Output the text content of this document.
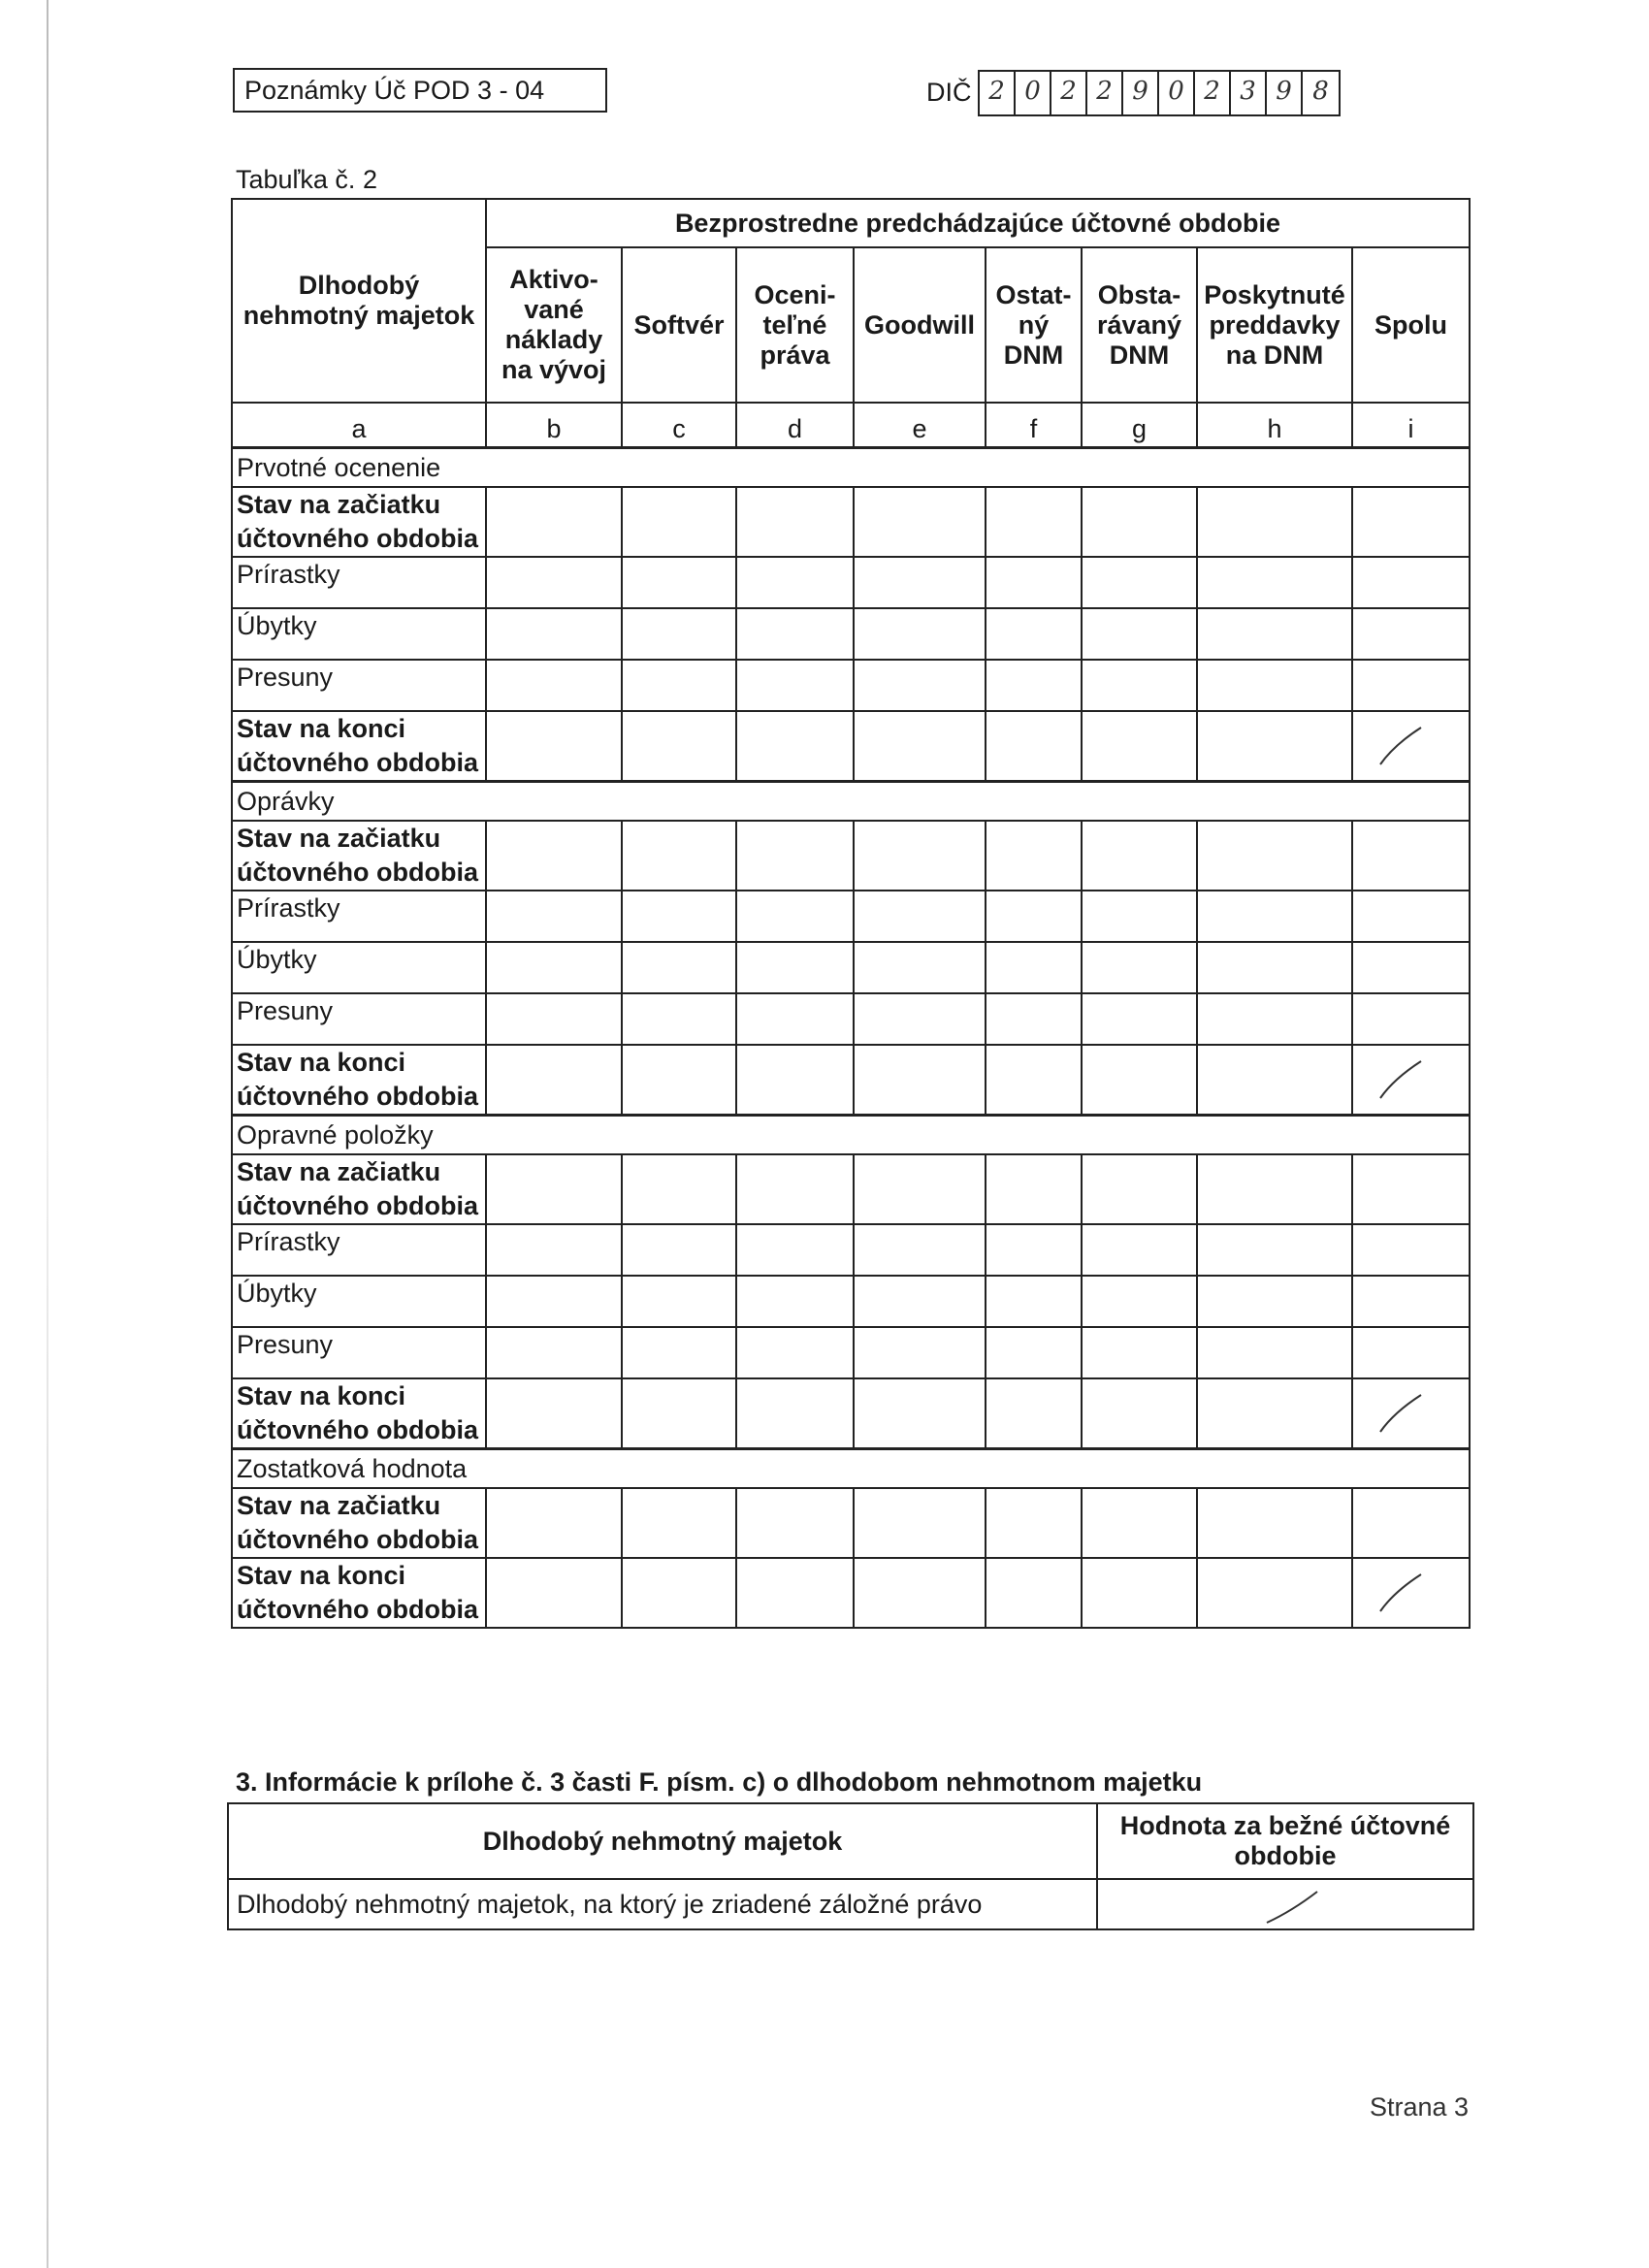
Poznámky Úč POD 3 - 04	DIČ 2 0 2 2 9 0 2 3 9 8
Tabuľka č. 2
Dlhodobý nehmotný majetok	Bezprostredne predchádzajúce účtovné obdobie							
	Aktivo-vané náklady na vývoj	Softvér	Oceni-teľné práva	Goodwill	Ostat-ný DNM	Obsta-rávaný DNM	Poskytnuté preddavky na DNM	Spolu
a	b	c	d	e	f	g	h	i
Prvotné ocenenie								
Stav na začiatku účtovného obdobia								
Prírastky								
Úbytky								
Presuny								
Stav na konci účtovného obdobia								

Oprávky								
Stav na začiatku účtovného obdobia								
Prírastky								
Úbytky								
Presuny								
Stav na konci účtovného obdobia								

Opravné položky								
Stav na začiatku účtovného obdobia								
Prírastky								
Úbytky								
Presuny								
Stav na konci účtovného obdobia								

Zostatková hodnota								
Stav na začiatku účtovného obdobia								
Stav na konci účtovného obdobia								
3. Informácie k prílohe č. 3 časti F. písm. c) o dlhodobom nehmotnom majetku
Dlhodobý nehmotný majetok	Hodnota za bežné účtovné obdobie
Dlhodobý nehmotný majetok, na ktorý je zriadené záložné právo	
Strana 3
